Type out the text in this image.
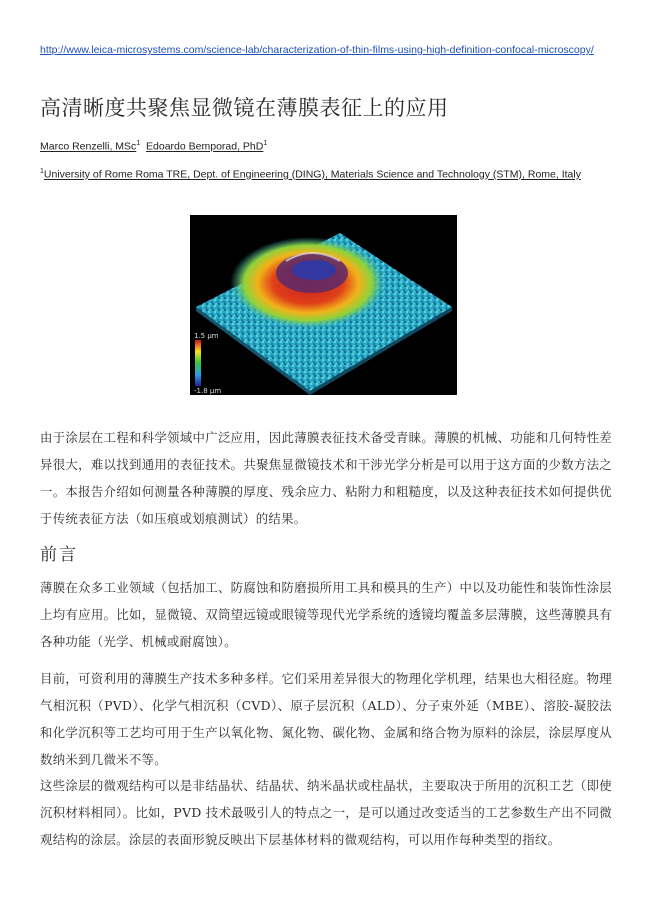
http://www.leica-microsystems.com/science-lab/characterization-of-thin-films-using-high-definition-confocal-microscopy/
高清晰度共聚焦显微镜在薄膜表征上的应用
Marco Renzelli, MSc$^1$ Edoardo Bemporad, PhD$^1$
$^1$University of Rome Roma TRE, Dept. of Engineering (DING), Materials Science and Technology (STM), Rome, Italy
1.5 µm
-1.8 µm
由于涂层在工程和科学领域中广泛应用，因此薄膜表征技术备受青睐。薄膜的机械、功能和几何特性差异很大，难以找到通用的表征技术。共聚焦显微镜技术和干涉光学分析是可以用于这方面的少数方法之一。本报告介绍如何测量各种薄膜的厚度、残余应力、粘附力和粗糙度，以及这种表征技术如何提供优于传统表征方法（如压痕或划痕测试）的结果。
前言
薄膜在众多工业领域（包括加工、防腐蚀和防磨损所用工具和模具的生产）中以及功能性和装饰性涂层上均有应用。比如，显微镜、双筒望远镜或眼镜等现代光学系统的透镜均覆盖多层薄膜，这些薄膜具有各种功能（光学、机械或耐腐蚀）。
目前，可资利用的薄膜生产技术多种多样。它们采用差异很大的物理化学机理，结果也大相径庭。物理气相沉积（PVD）、化学气相沉积（CVD）、原子层沉积（ALD）、分子束外延（MBE）、溶胶-凝胶法和化学沉积等工艺均可用于生产以氧化物、氮化物、碳化物、金属和络合物为原料的涂层，涂层厚度从数纳米到几微米不等。
这些涂层的微观结构可以是非结晶状、结晶状、纳米晶状或柱晶状，主要取决于所用的沉积工艺（即使沉积材料相同）。比如，PVD 技术最吸引人的特点之一，是可以通过改变适当的工艺参数生产出不同微观结构的涂层。涂层的表面形貌反映出下层基体材料的微观结构，可以用作每种类型的指纹。
